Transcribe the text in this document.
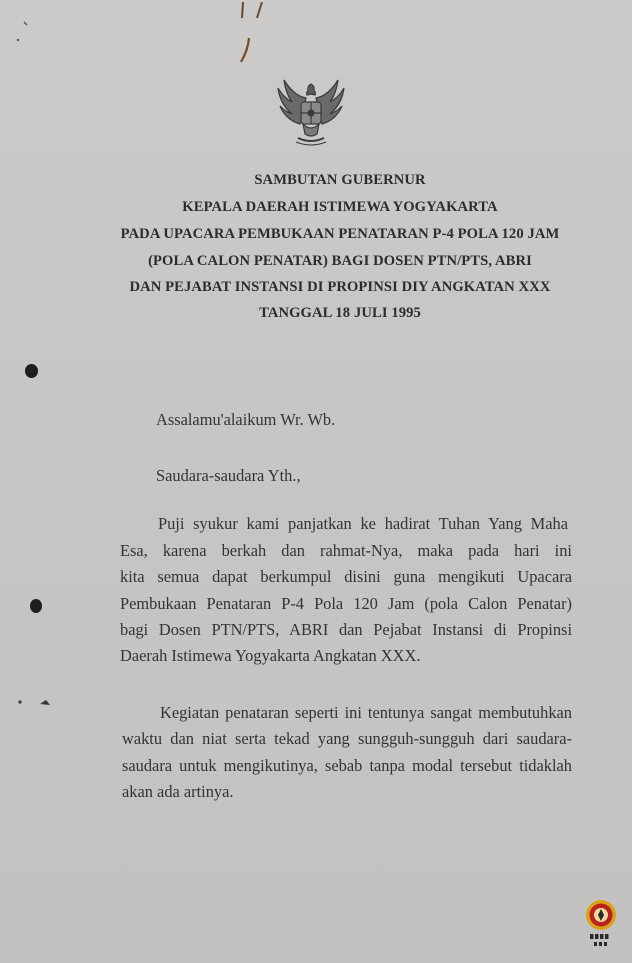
SAMBUTAN GUBERNUR
KEPALA DAERAH ISTIMEWA YOGYAKARTA
PADA UPACARA PEMBUKAAN PENATARAN P-4 POLA 120 JAM
(POLA CALON PENATAR) BAGI DOSEN PTN/PTS, ABRI
DAN PEJABAT INSTANSI DI PROPINSI DIY ANGKATAN XXX
TANGGAL 18 JULI 1995
Assalamu'alaikum Wr. Wb.
Saudara-saudara Yth.,
Puji syukur kami panjatkan ke hadirat Tuhan Yang Maha
Esa, karena berkah dan rahmat-Nya, maka pada hari ini
kita semua dapat berkumpul disini guna mengikuti Upacara
Pembukaan Penataran P-4 Pola 120 Jam (pola Calon Penatar)
bagi Dosen PTN/PTS, ABRI dan Pejabat Instansi di Propinsi
Daerah Istimewa Yogyakarta Angkatan XXX.
Kegiatan penataran seperti ini tentunya sangat membutuhkan
waktu dan niat serta tekad yang sungguh-sungguh dari saudara-
saudara untuk mengikutinya, sebab tanpa modal tersebut tidaklah
akan ada artinya.
